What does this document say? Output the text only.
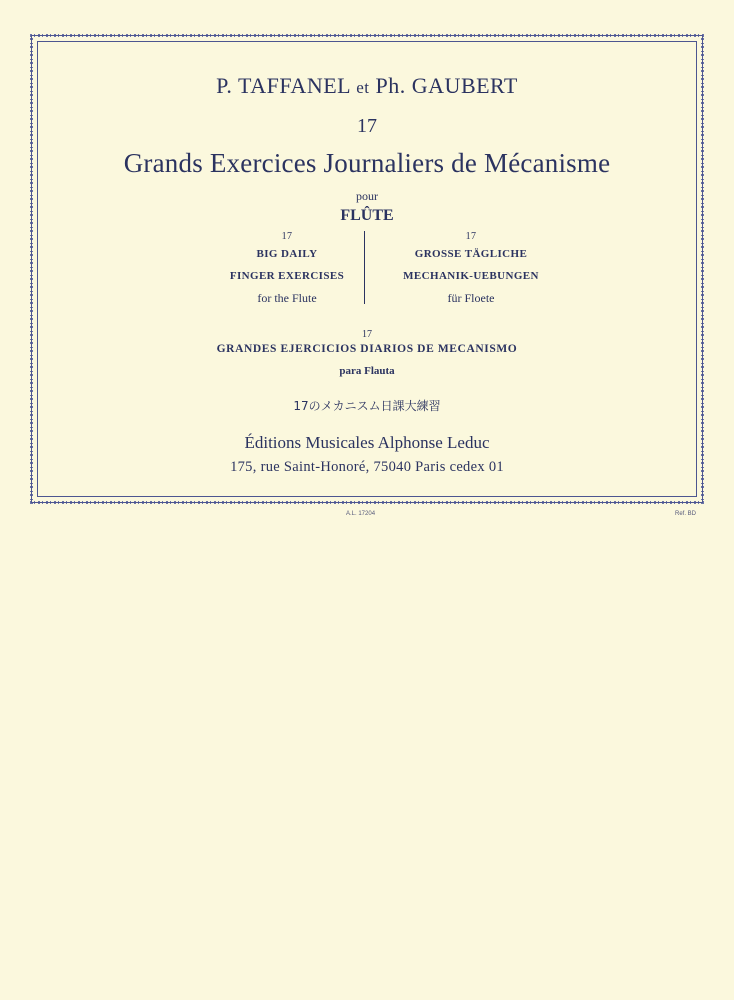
P. TAFFANEL et Ph. GAUBERT
17
Grands Exercices Journaliers de Mécanisme
pour
FLÛTE
17
BIG DAILY
FINGER EXERCISES
for the Flute
17
GROSSE TÄGLICHE
MECHANIK-UEBUNGEN
für Floete
17
GRANDES EJERCICIOS DIARIOS DE MECANISMO
para Flauta
17のメカニスム日課大練習
Éditions Musicales Alphonse Leduc
175, rue Saint-Honoré, 75040 Paris cedex 01
A.L. 17204	Ref. BD
